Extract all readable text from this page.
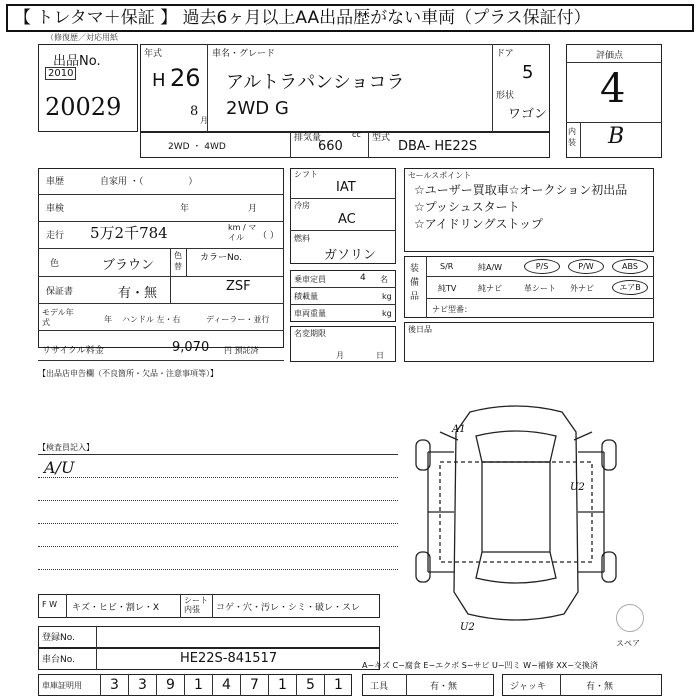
【 トレタマ＋保証 】 過去6ヶ月以上AA出品歴がない車両（プラス保証付）
（修復歴／対応用紙
出品No.
2010
20029
年式
H 26
8
月
車名・グレード
アルトラパンショコラ
2WD G
ドア
5
形状
ワゴン
2WD ・ 4WD
排気量	cc
660
型式
DBA- HE22S
評価点
4
内装 B
車歴	自家用 ・（　　　　　）
車検	年	月
走行 5万2千784	km / マイル	（ ）
色	ブラウン
色替
カラーNo.
ZSF
保証書	有・無
モデル年式	年 ハンドル 左・右	ディーラー・並行
リサイクル料金	9,070 円 預託済
シフト
IAT
冷房
AC
燃料
ガソリン
乗車定員	4 名
積載量	kg
車両重量	kg
名変期限
月	日
セールスポイント
☆ユーザー買取車☆オークション初出品
☆プッシュスタート
☆アイドリングストップ
装備品
S/R	純A/W	P/S	P/W	ABS
純TV	純ナビ	革シート 外ナビ	エアB
ナビ型番：
後日品
【出品店申告欄（不良箇所・欠品・注意事項等）】
【検査員記入】
A/U
F W キズ・ヒビ・割レ・X
シート内張	コゲ・穴・汚レ・シミ・破レ・スレ
登録No.
車台No.	HE22S-841517
車庫証明用	3	3	9	1	4	7	1	5	1
A−キズ C−腐食 E−エクボ S−サビ U−凹ミ W−補修 XX−交換済
工具	有・無	ジャッキ	有・無
A1
U2
U2
スペア
